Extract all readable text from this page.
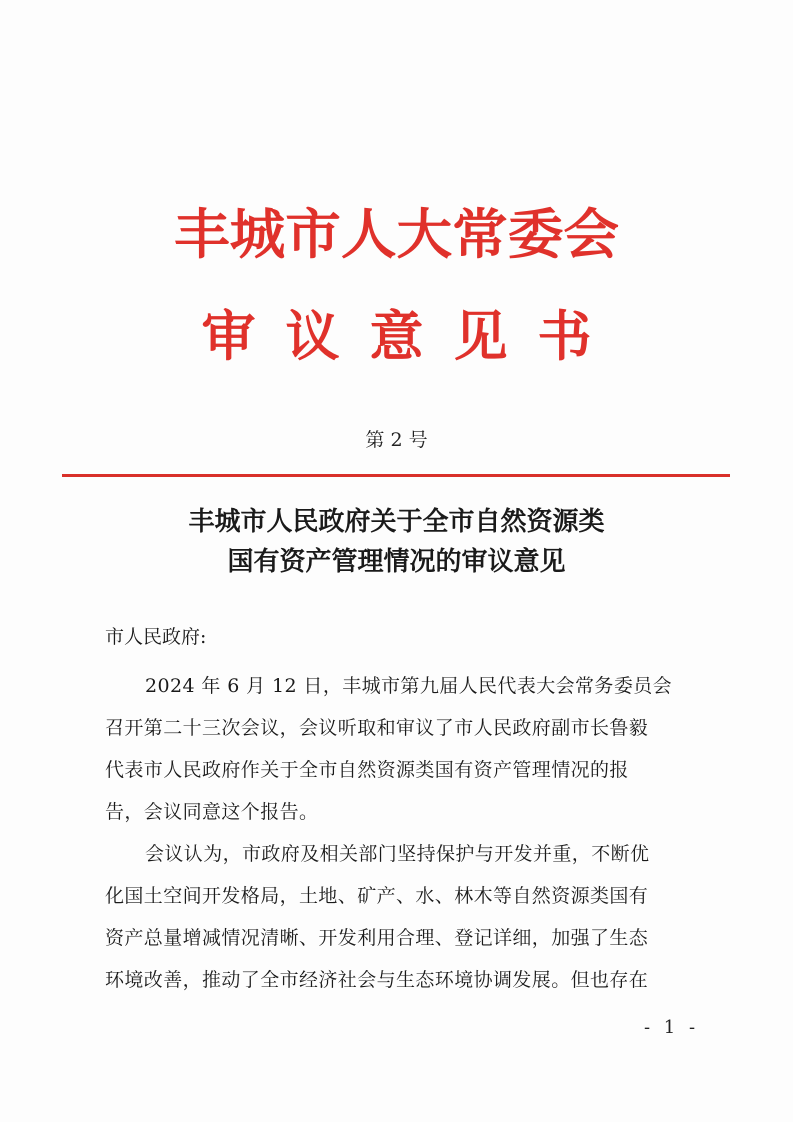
丰城市人大常委会
审议意见书
第 2 号
丰城市人民政府关于全市自然资源类
国有资产管理情况的审议意见
市人民政府:
2024 年 6 月 12 日，丰城市第九届人民代表大会常务委员会
召开第二十三次会议，会议听取和审议了市人民政府副市长鲁毅
代表市人民政府作关于全市自然资源类国有资产管理情况的报
告，会议同意这个报告。
会议认为，市政府及相关部门坚持保护与开发并重，不断优
化国土空间开发格局，土地、矿产、水、林木等自然资源类国有
资产总量增减情况清晰、开发利用合理、登记详细，加强了生态
环境改善，推动了全市经济社会与生态环境协调发展。但也存在
- 1 -
